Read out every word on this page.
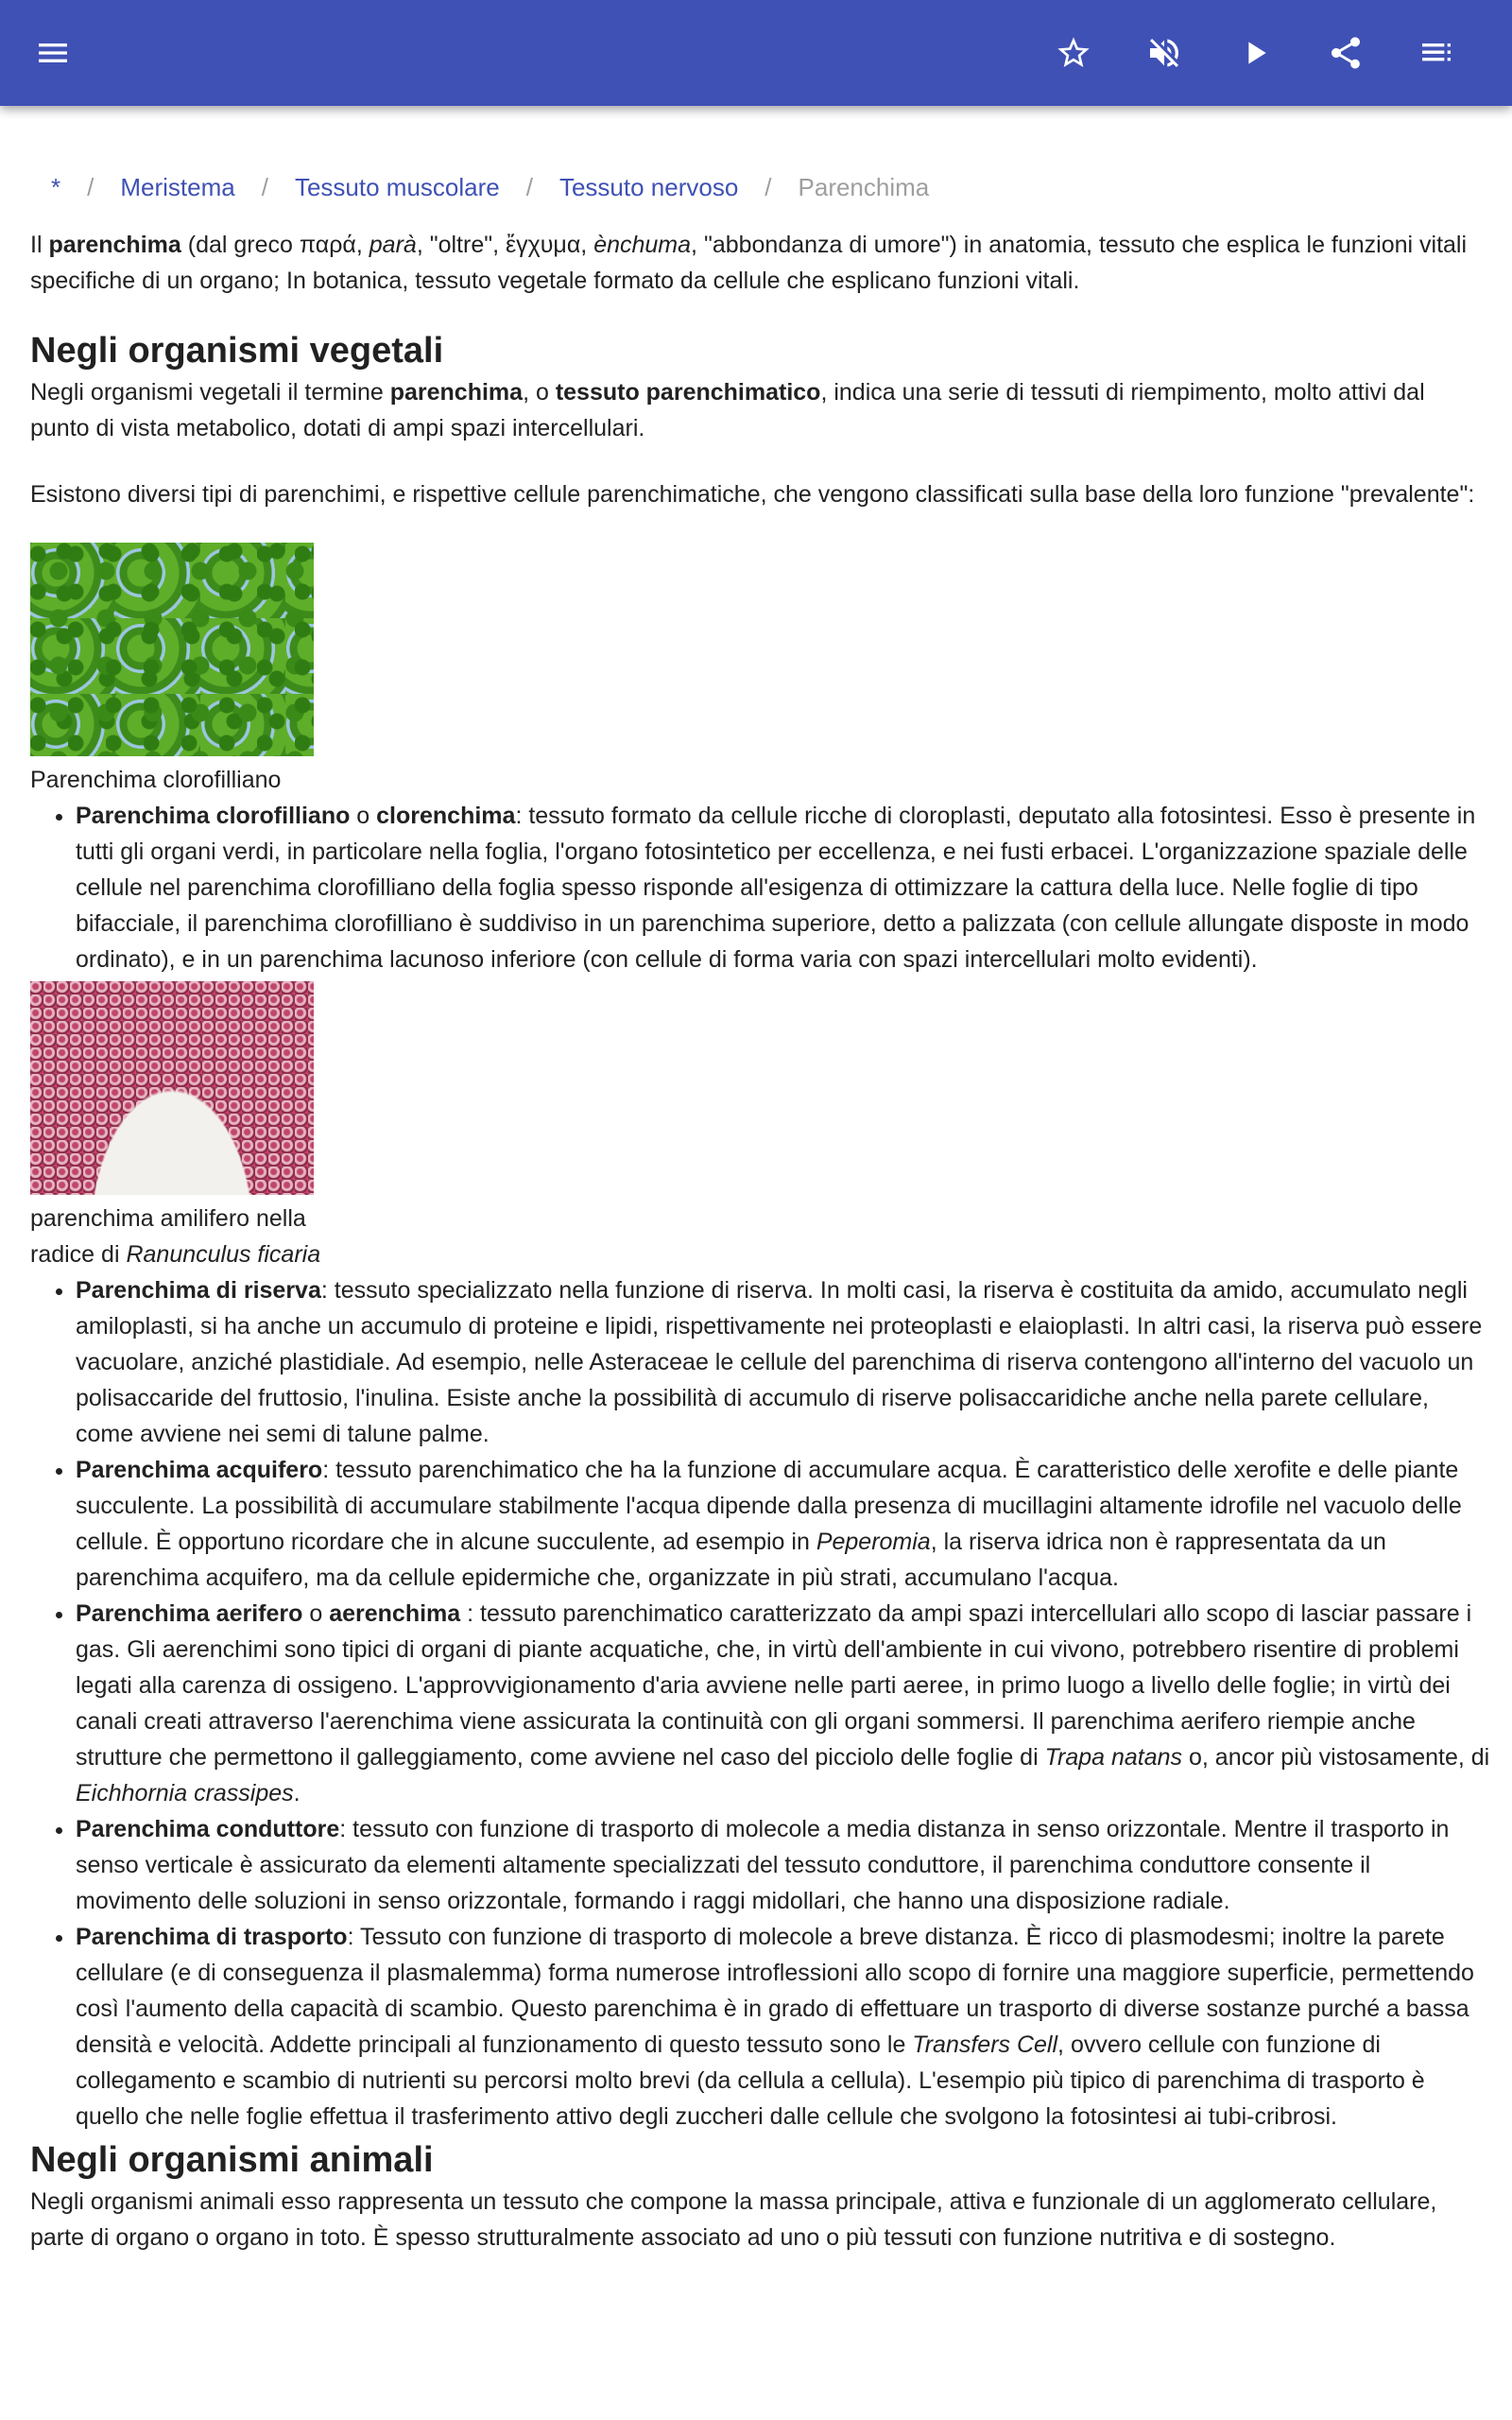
* / Meristema / Tessuto muscolare / Tessuto nervoso / Parenchima

Il parenchima (dal greco παρά, parà, "oltre", ἔγχυμα, ènchuma, "abbondanza di umore") in anatomia, tessuto che esplica le funzioni vitali specifiche di un organo; In botanica, tessuto vegetale formato da cellule che esplicano funzioni vitali.

Negli organismi vegetali

Negli organismi vegetali il termine parenchima, o tessuto parenchimatico, indica una serie di tessuti di riempimento, molto attivi dal punto di vista metabolico, dotati di ampi spazi intercellulari.

Esistono diversi tipi di parenchimi, e rispettive cellule parenchimatiche, che vengono classificati sulla base della loro funzione "prevalente":

Parenchima clorofilliano
• Parenchima clorofilliano o clorenchima: tessuto formato da cellule ricche di cloroplasti, deputato alla fotosintesi. Esso è presente in tutti gli organi verdi, in particolare nella foglia, l'organo fotosintetico per eccellenza, e nei fusti erbacei. L'organizzazione spaziale delle cellule nel parenchima clorofilliano della foglia spesso risponde all'esigenza di ottimizzare la cattura della luce. Nelle foglie di tipo bifacciale, il parenchima clorofilliano è suddiviso in un parenchima superiore, detto a palizzata (con cellule allungate disposte in modo ordinato), e in un parenchima lacunoso inferiore (con cellule di forma varia con spazi intercellulari molto evidenti).
parenchima amilifero nella radice di Ranunculus ficaria
• Parenchima di riserva: tessuto specializzato nella funzione di riserva. In molti casi, la riserva è costituita da amido, accumulato negli amiloplasti, si ha anche un accumulo di proteine e lipidi, rispettivamente nei proteoplasti e elaioplasti. In altri casi, la riserva può essere vacuolare, anziché plastidiale. Ad esempio, nelle Asteraceae le cellule del parenchima di riserva contengono all'interno del vacuolo un polisaccaride del fruttosio, l'inulina. Esiste anche la possibilità di accumulo di riserve polisaccaridiche anche nella parete cellulare, come avviene nei semi di talune palme.
• Parenchima acquifero: tessuto parenchimatico che ha la funzione di accumulare acqua. È caratteristico delle xerofite e delle piante succulente. La possibilità di accumulare stabilmente l'acqua dipende dalla presenza di mucillagini altamente idrofile nel vacuolo delle cellule. È opportuno ricordare che in alcune succulente, ad esempio in Peperomia, la riserva idrica non è rappresentata da un parenchima acquifero, ma da cellule epidermiche che, organizzate in più strati, accumulano l'acqua.
• Parenchima aerifero o aerenchima : tessuto parenchimatico caratterizzato da ampi spazi intercellulari allo scopo di lasciar passare i gas. Gli aerenchimi sono tipici di organi di piante acquatiche, che, in virtù dell'ambiente in cui vivono, potrebbero risentire di problemi legati alla carenza di ossigeno. L'approvvigionamento d'aria avviene nelle parti aeree, in primo luogo a livello delle foglie; in virtù dei canali creati attraverso l'aerenchima viene assicurata la continuità con gli organi sommersi. Il parenchima aerifero riempie anche strutture che permettono il galleggiamento, come avviene nel caso del picciolo delle foglie di Trapa natans o, ancor più vistosamente, di Eichhornia crassipes.
• Parenchima conduttore: tessuto con funzione di trasporto di molecole a media distanza in senso orizzontale. Mentre il trasporto in senso verticale è assicurato da elementi altamente specializzati del tessuto conduttore, il parenchima conduttore consente il movimento delle soluzioni in senso orizzontale, formando i raggi midollari, che hanno una disposizione radiale.
• Parenchima di trasporto: Tessuto con funzione di trasporto di molecole a breve distanza. È ricco di plasmodesmi; inoltre la parete cellulare (e di conseguenza il plasmalemma) forma numerose introflessioni allo scopo di fornire una maggiore superficie, permettendo così l'aumento della capacità di scambio. Questo parenchima è in grado di effettuare un trasporto di diverse sostanze purché a bassa densità e velocità. Addette principali al funzionamento di questo tessuto sono le Transfers Cell, ovvero cellule con funzione di collegamento e scambio di nutrienti su percorsi molto brevi (da cellula a cellula). L'esempio più tipico di parenchima di trasporto è quello che nelle foglie effettua il trasferimento attivo degli zuccheri dalle cellule che svolgono la fotosintesi ai tubi-cribrosi.
Negli organismi animali

Negli organismi animali esso rappresenta un tessuto che compone la massa principale, attiva e funzionale di un agglomerato cellulare, parte di organo o organo in toto. È spesso strutturalmente associato ad uno o più tessuti con funzione nutritiva e di sostegno.
